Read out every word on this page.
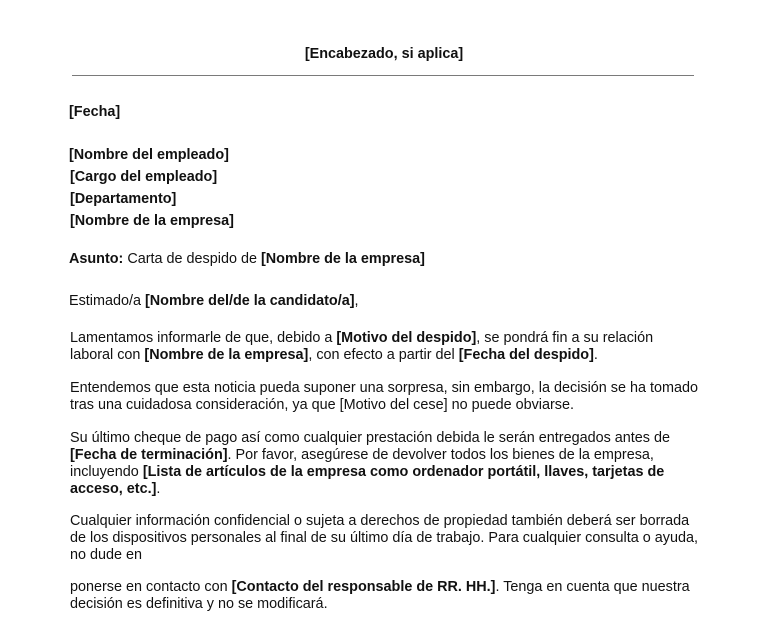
[Encabezado, si aplica]
[Fecha]
[Nombre del empleado]
[Cargo del empleado]
[Departamento]
[Nombre de la empresa]
Asunto: Carta de despido de [Nombre de la empresa]
Estimado/a [Nombre del/de la candidato/a],
Lamentamos informarle de que, debido a [Motivo del despido], se pondrá fin a su relación laboral con [Nombre de la empresa], con efecto a partir del [Fecha del despido].
Entendemos que esta noticia pueda suponer una sorpresa, sin embargo, la decisión se ha tomado tras una cuidadosa consideración, ya que [Motivo del cese] no puede obviarse.
Su último cheque de pago así como cualquier prestación debida le serán entregados antes de [Fecha de terminación]. Por favor, asegúrese de devolver todos los bienes de la empresa, incluyendo [Lista de artículos de la empresa como ordenador portátil, llaves, tarjetas de acceso, etc.].
Cualquier información confidencial o sujeta a derechos de propiedad también deberá ser borrada de los dispositivos personales al final de su último día de trabajo. Para cualquier consulta o ayuda, no dude en
ponerse en contacto con [Contacto del responsable de RR. HH.]. Tenga en cuenta que nuestra decisión es definitiva y no se modificará.
